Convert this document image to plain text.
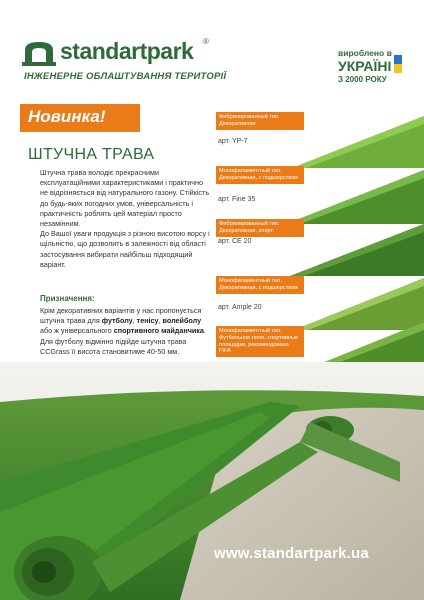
standartpark ®
ІНЖЕНЕРНЕ ОБЛАШТУВАННЯ ТЕРИТОРІЇ
вироблено в
УКРАЇНІ
З 2000 РОКУ
Новинка!
ШТУЧНА ТРАВА

Штучна трава володіє прекрасними експлуатаційними характеристиками і практично не відрізняється від натурального газону. Стійкість до будь-яких погодних умов, універсальність і практичність роблять цей матеріал просто незамінним.

До Вашої уваги продукція з різною висотою ворсу і щільністю, що дозволить в залежності від області застосування вибирати найбільш підходящий варіант.

Призначення:
Крім декоративних варіантів у нас пропонується штучна трава для футболу, тенісу, волейболу або ж універсального спортивного майданчика. Для футболу відмінно підійде штучна трава CCGrass її висота становитиме 40-50 мм.
Фибрилированный тип. Декоративная
арт. YP-7
Монофиламентный тип. Декоративная, с подшерстком
арт. Fine 35
Фибрилированный тип. Декоративная, спорт.
арт. CE 20
Монофиламентный тип. Декоративная, с подшерстком
арт. Ample 20
Монофиламентный тип. Футбольное поле, спортивные площадки, рекомендовано FIFA
www.standartpark.ua
